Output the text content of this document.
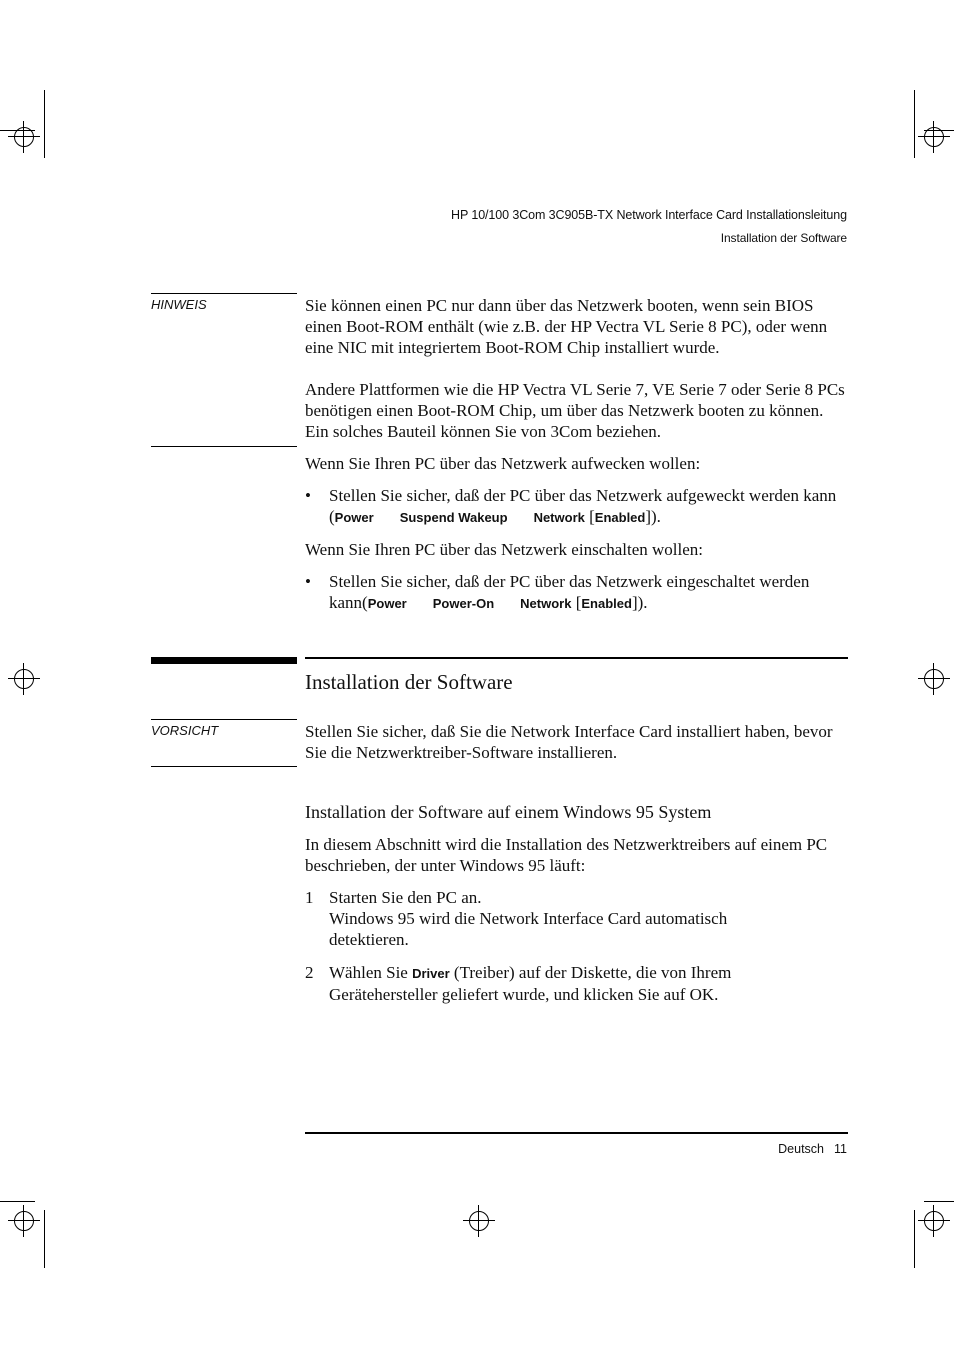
HP 10/100 3Com 3C905B-TX Network Interface Card Installationsleitung
Installation der Software
HINWEIS	Sie können einen PC nur dann über das Netzwerk booten, wenn sein BIOS einen Boot-ROM enthält (wie z.B. der HP Vectra VL Serie 8 PC), oder wenn eine NIC mit integriertem Boot-ROM Chip installiert wurde.
Andere Plattformen wie die HP Vectra VL Serie 7, VE Serie 7 oder Serie 8 PCs benötigen einen Boot-ROM Chip, um über das Netzwerk booten zu können. Ein solches Bauteil können Sie von 3Com beziehen.
Wenn Sie Ihren PC über das Netzwerk aufwecken wollen:
• Stellen Sie sicher, daß der PC über das Netzwerk aufgeweckt werden kann (Power Suspend Wakeup Network [Enabled]).
Wenn Sie Ihren PC über das Netzwerk einschalten wollen:
• Stellen Sie sicher, daß der PC über das Netzwerk eingeschaltet werden kann(Power Power-On Network [Enabled]).
Installation der Software
VORSICHT	Stellen Sie sicher, daß Sie die Network Interface Card installiert haben, bevor Sie die Netzwerktreiber-Software installieren.
Installation der Software auf einem Windows 95 System
In diesem Abschnitt wird die Installation des Netzwerktreibers auf einem PC beschrieben, der unter Windows 95 läuft:
1 Starten Sie den PC an.
Windows 95 wird die Network Interface Card automatisch detektieren.
2 Wählen Sie Driver (Treiber) auf der Diskette, die von Ihrem Gerätehersteller geliefert wurde, und klicken Sie auf OK.
Deutsch 11
